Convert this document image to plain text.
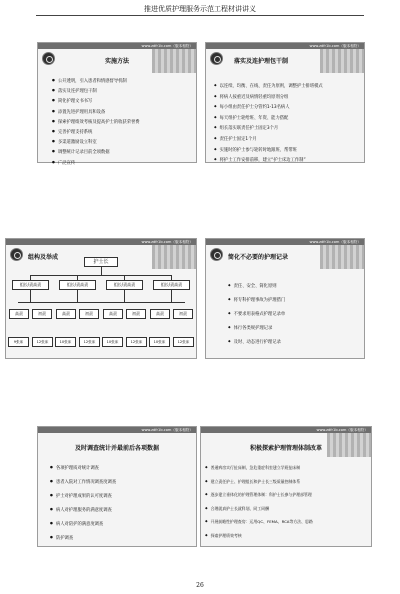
推进优质护理服务示范工程材讲讲义
www.zdfr1b.com（版本相符）
实施方法
● 公开透明，引入患者和情感督导机制
● 落实及连护理包干制
● 简化护理文书书写
● 添置先进护理用具和设备
● 探索护理绩效考核及提高护士的收获荣誉费
● 完善护理支持系统
● 多渠道激励设立科室
● 调整统计记录目前全项数据
● 广泛宣传
www.zdfr1b.com（版本相符）
落实及连护理包干制
◆ 以连续、均衡、在线、责任为原则，调整护士排班模式
◆ 将病人按重近及病情轻重均原剂分组
◆ 每小组由责任护士分管约1-13名病人
◆ 每天组护士轮给班、年资、能力搭配
◆ 组长落实联责任护士固定3个月
◆ 责任护士固定1个月
◆ 实施时的护士参与轮转时地跟班、帮带班
◆ 将护士工作安排前移，建立“护士床边工作制”
www.zdfr1b.com（版本相符）
组构及举成
护士长
组长/责高责	组长/责高责	组长/责高责	组长/责高责
高责	初责	高责	初责	高责	初责	高责	初责
9张床	12张床	10张床	12张床	10张床	12张床	10张床	12张床
www.zdfr1b.com（版本相符）
简化不必要的护理记录
◆ 责任、安全、简化原则
◆ 将专科护理事故为护理措门
◆ 不要求用表格式护理记录单
◆ 体行各类规护理记录
◆ 及时、动态进行护理记录
www.zdfr1b.com（版本相符）
及时调查统计并最前后各项数据
● 各项护理质对统计调查
● 患者入院对工作情况调查度调查
● 护士对护理成果的认可度调查
● 病人对护理服务的满意度调查
● 病人对陪护的满意度调查
● 防护调查
www.zdfr1b.com（版本相符）
积极探索护理管理体制改革
◆ 普通病房实行扯床制，急危重症科室建立学班扯床制
◆ 建立责任护士、护理组长和护士长三级质量控制体系
◆ 逐步建立垂体化的护理管理体制：科护士长参与护理部管理
◆ 合理就真护士长就科划、同工同酬
◆ 开展前瞻性护理查房：运用QC、FEMA、RCA等方法、思路
◆ 探索护理绩效考核
26
